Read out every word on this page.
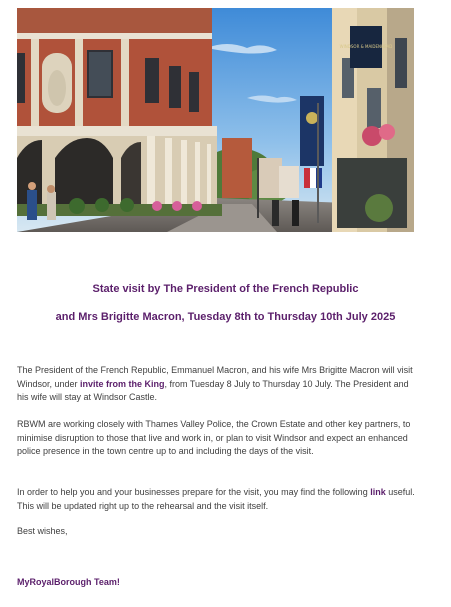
WINDSOR & MAIDENHEAD
State visit by The President of the French Republic
and Mrs Brigitte Macron, Tuesday 8th to Thursday 10th July 2025

The President of the French Republic, Emmanuel Macron, and his wife Mrs Brigitte Macron will visit Windsor, under invite from the King, from Tuesday 8 July to Thursday 10 July. The President and his wife will stay at Windsor Castle.

RBWM are working closely with Thames Valley Police, the Crown Estate and other key partners, to minimise disruption to those that live and work in, or plan to visit Windsor and expect an enhanced police presence in the town centre up to and including the days of the visit.

In order to help you and your businesses prepare for the visit, you may find the following link useful. This will be updated right up to the rehearsal and the visit itself.

Best wishes,

MyRoyalBorough Team!
